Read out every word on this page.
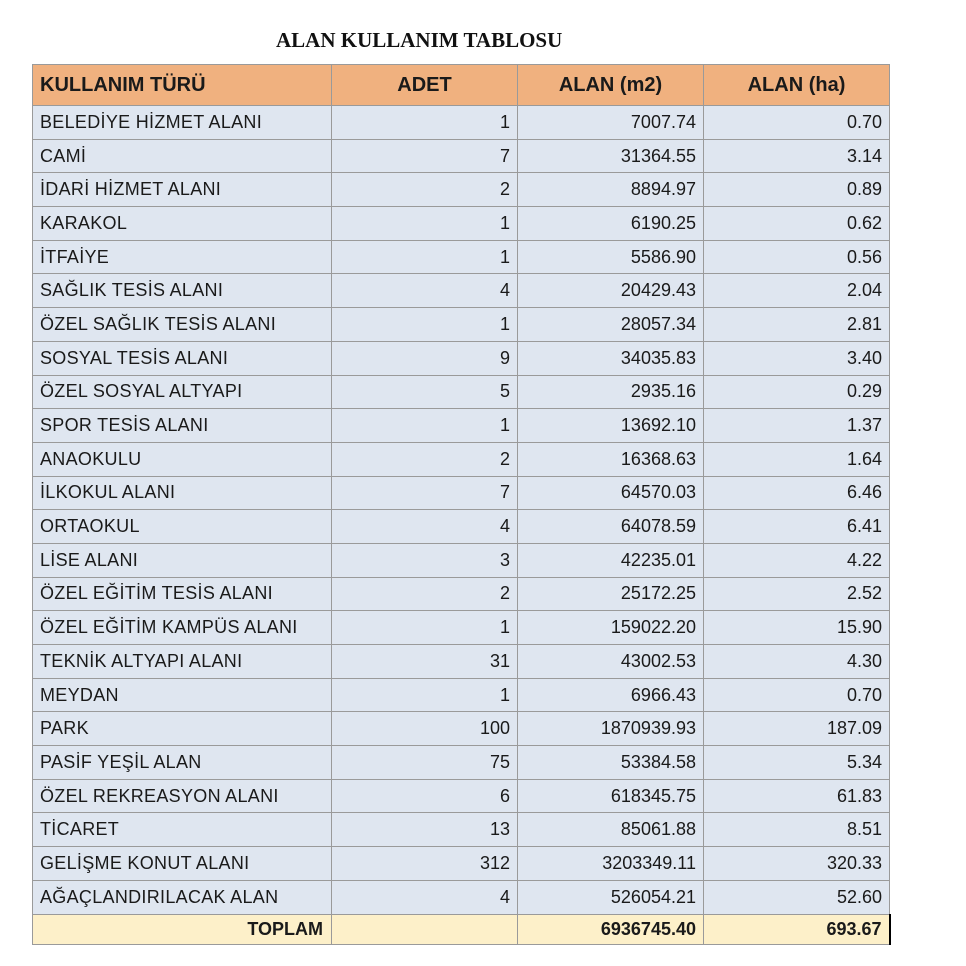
ALAN KULLANIM TABLOSU
KULLANIM TÜRÜ	ADET	ALAN (m2)	ALAN (ha)
BELEDİYE HİZMET ALANI	1	7007.74	0.70
CAMİ	7	31364.55	3.14
İDARİ HİZMET ALANI	2	8894.97	0.89
KARAKOL	1	6190.25	0.62
İTFAİYE	1	5586.90	0.56
SAĞLIK TESİS ALANI	4	20429.43	2.04
ÖZEL SAĞLIK TESİS ALANI	1	28057.34	2.81
SOSYAL TESİS ALANI	9	34035.83	3.40
ÖZEL SOSYAL ALTYAPI	5	2935.16	0.29
SPOR TESİS ALANI	1	13692.10	1.37
ANAOKULU	2	16368.63	1.64
İLKOKUL ALANI	7	64570.03	6.46
ORTAOKUL	4	64078.59	6.41
LİSE ALANI	3	42235.01	4.22
ÖZEL EĞİTİM TESİS ALANI	2	25172.25	2.52
ÖZEL EĞİTİM KAMPÜS ALANI	1	159022.20	15.90
TEKNİK ALTYAPI ALANI	31	43002.53	4.30
MEYDAN	1	6966.43	0.70
PARK	100	1870939.93	187.09
PASİF YEŞİL ALAN	75	53384.58	5.34
ÖZEL REKREASYON ALANI	6	618345.75	61.83
TİCARET	13	85061.88	8.51
GELİŞME KONUT ALANI	312	3203349.11	320.33
AĞAÇLANDIRILACAK ALAN	4	526054.21	52.60
TOPLAM		6936745.40	693.67
